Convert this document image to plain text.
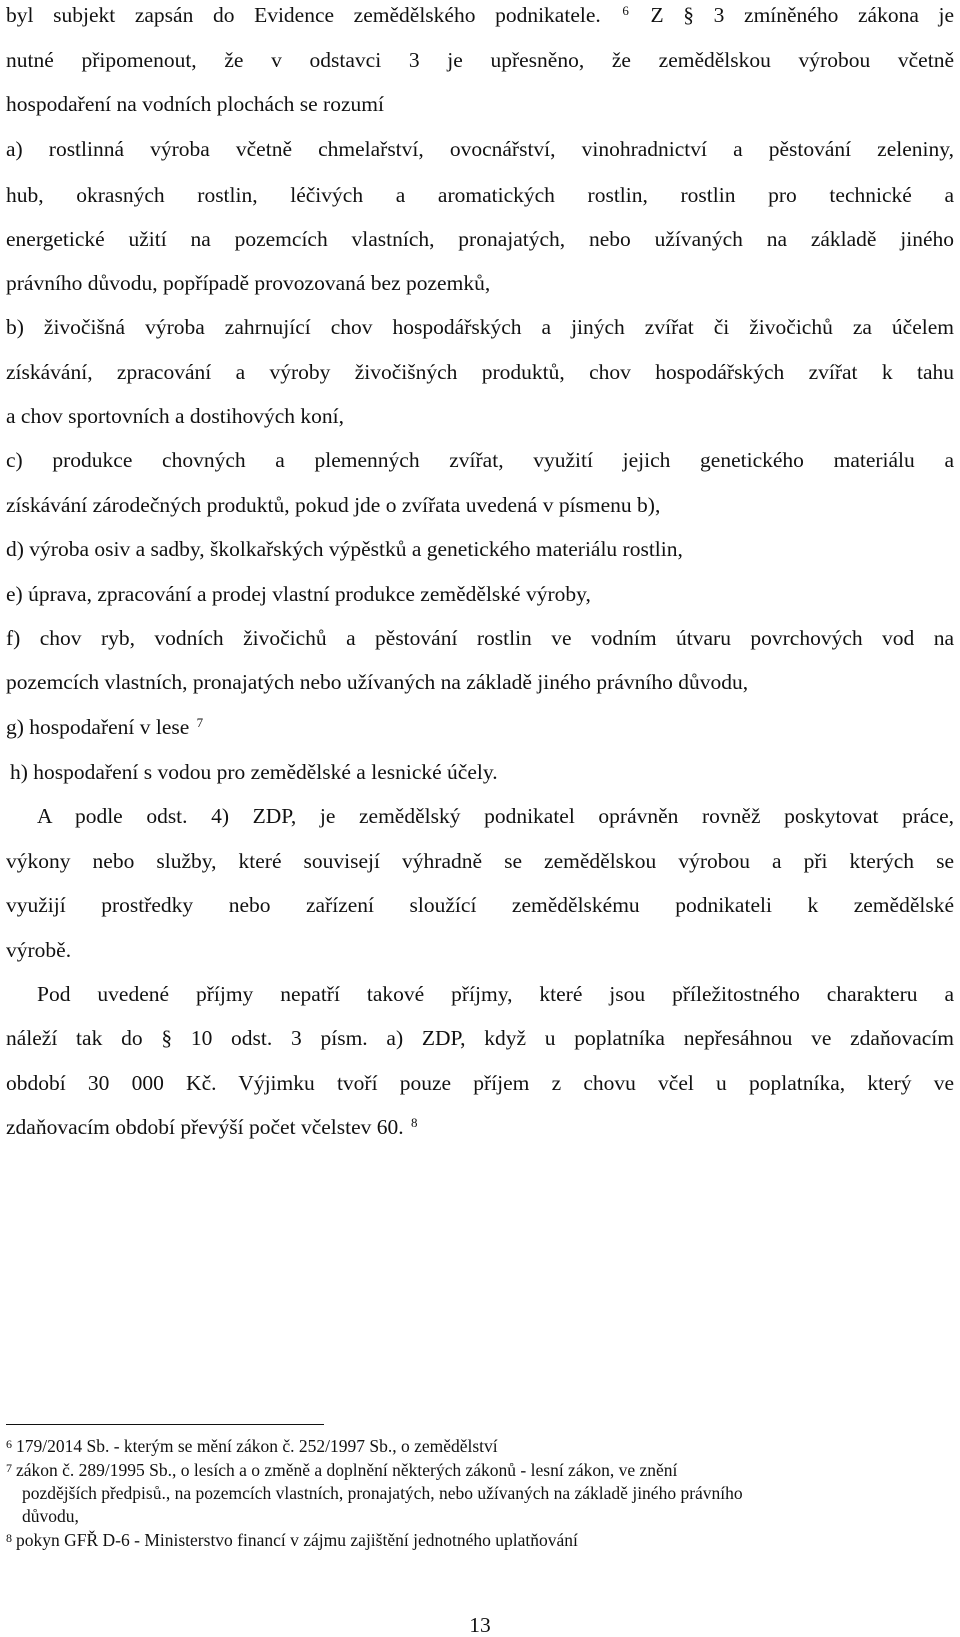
byl subjekt zapsán do Evidence zemědělského podnikatele. $^6$ Z § 3 zmíněného zákona je
nutné připomenout, že v odstavci 3 je upřesněno, že zemědělskou výrobou včetně
hospodaření na vodních plochách se rozumí
a) rostlinná výroba včetně chmelařství, ovocnářství, vinohradnictví a pěstování zeleniny,
hub, okrasných rostlin, léčivých a aromatických rostlin, rostlin pro technické a
energetické užití na pozemcích vlastních, pronajatých, nebo užívaných na základě jiného
právního důvodu, popřípadě provozovaná bez pozemků,
b) živočišná výroba zahrnující chov hospodářských a jiných zvířat či živočichů za účelem
získávání, zpracování a výroby živočišných produktů, chov hospodářských zvířat k tahu
a chov sportovních a dostihových koní,
c) produkce chovných a plemenných zvířat, využití jejich genetického materiálu a
získávání zárodečných produktů, pokud jde o zvířata uvedená v písmenu b),
d) výroba osiv a sadby, školkařských výpěstků a genetického materiálu rostlin,
e) úprava, zpracování a prodej vlastní produkce zemědělské výroby,
f) chov ryb, vodních živočichů a pěstování rostlin ve vodním útvaru povrchových vod na
pozemcích vlastních, pronajatých nebo užívaných na základě jiného právního důvodu,
g) hospodaření v lese $^7$
h) hospodaření s vodou pro zemědělské a lesnické účely.
A podle odst. 4) ZDP, je zemědělský podnikatel oprávněn rovněž poskytovat práce,
výkony nebo služby, které souvisejí výhradně se zemědělskou výrobou a při kterých se
využijí prostředky nebo zařízení sloužící zemědělskému podnikateli k zemědělské
výrobě.
Pod uvedené příjmy nepatří takové příjmy, které jsou příležitostného charakteru a
náleží tak do § 10 odst. 3 písm. a) ZDP, když u poplatníka nepřesáhnou ve zdaňovacím
období 30 000 Kč. Výjimku tvoří pouze příjem z chovu včel u poplatníka, který ve
zdaňovacím období převýší počet včelstev 60. $^8$
$^6$ 179/2014 Sb. - kterým se mění zákon č. 252/1997 Sb., o zemědělství
$^7$ zákon č. 289/1995 Sb., o lesích a o změně a doplnění některých zákonů - lesní zákon, ve znění
pozdějších předpisů., na pozemcích vlastních, pronajatých, nebo užívaných na základě jiného právního
důvodu,
$^8$ pokyn GFŘ D-6 - Ministerstvo financí v zájmu zajištění jednotného uplatňování
13
